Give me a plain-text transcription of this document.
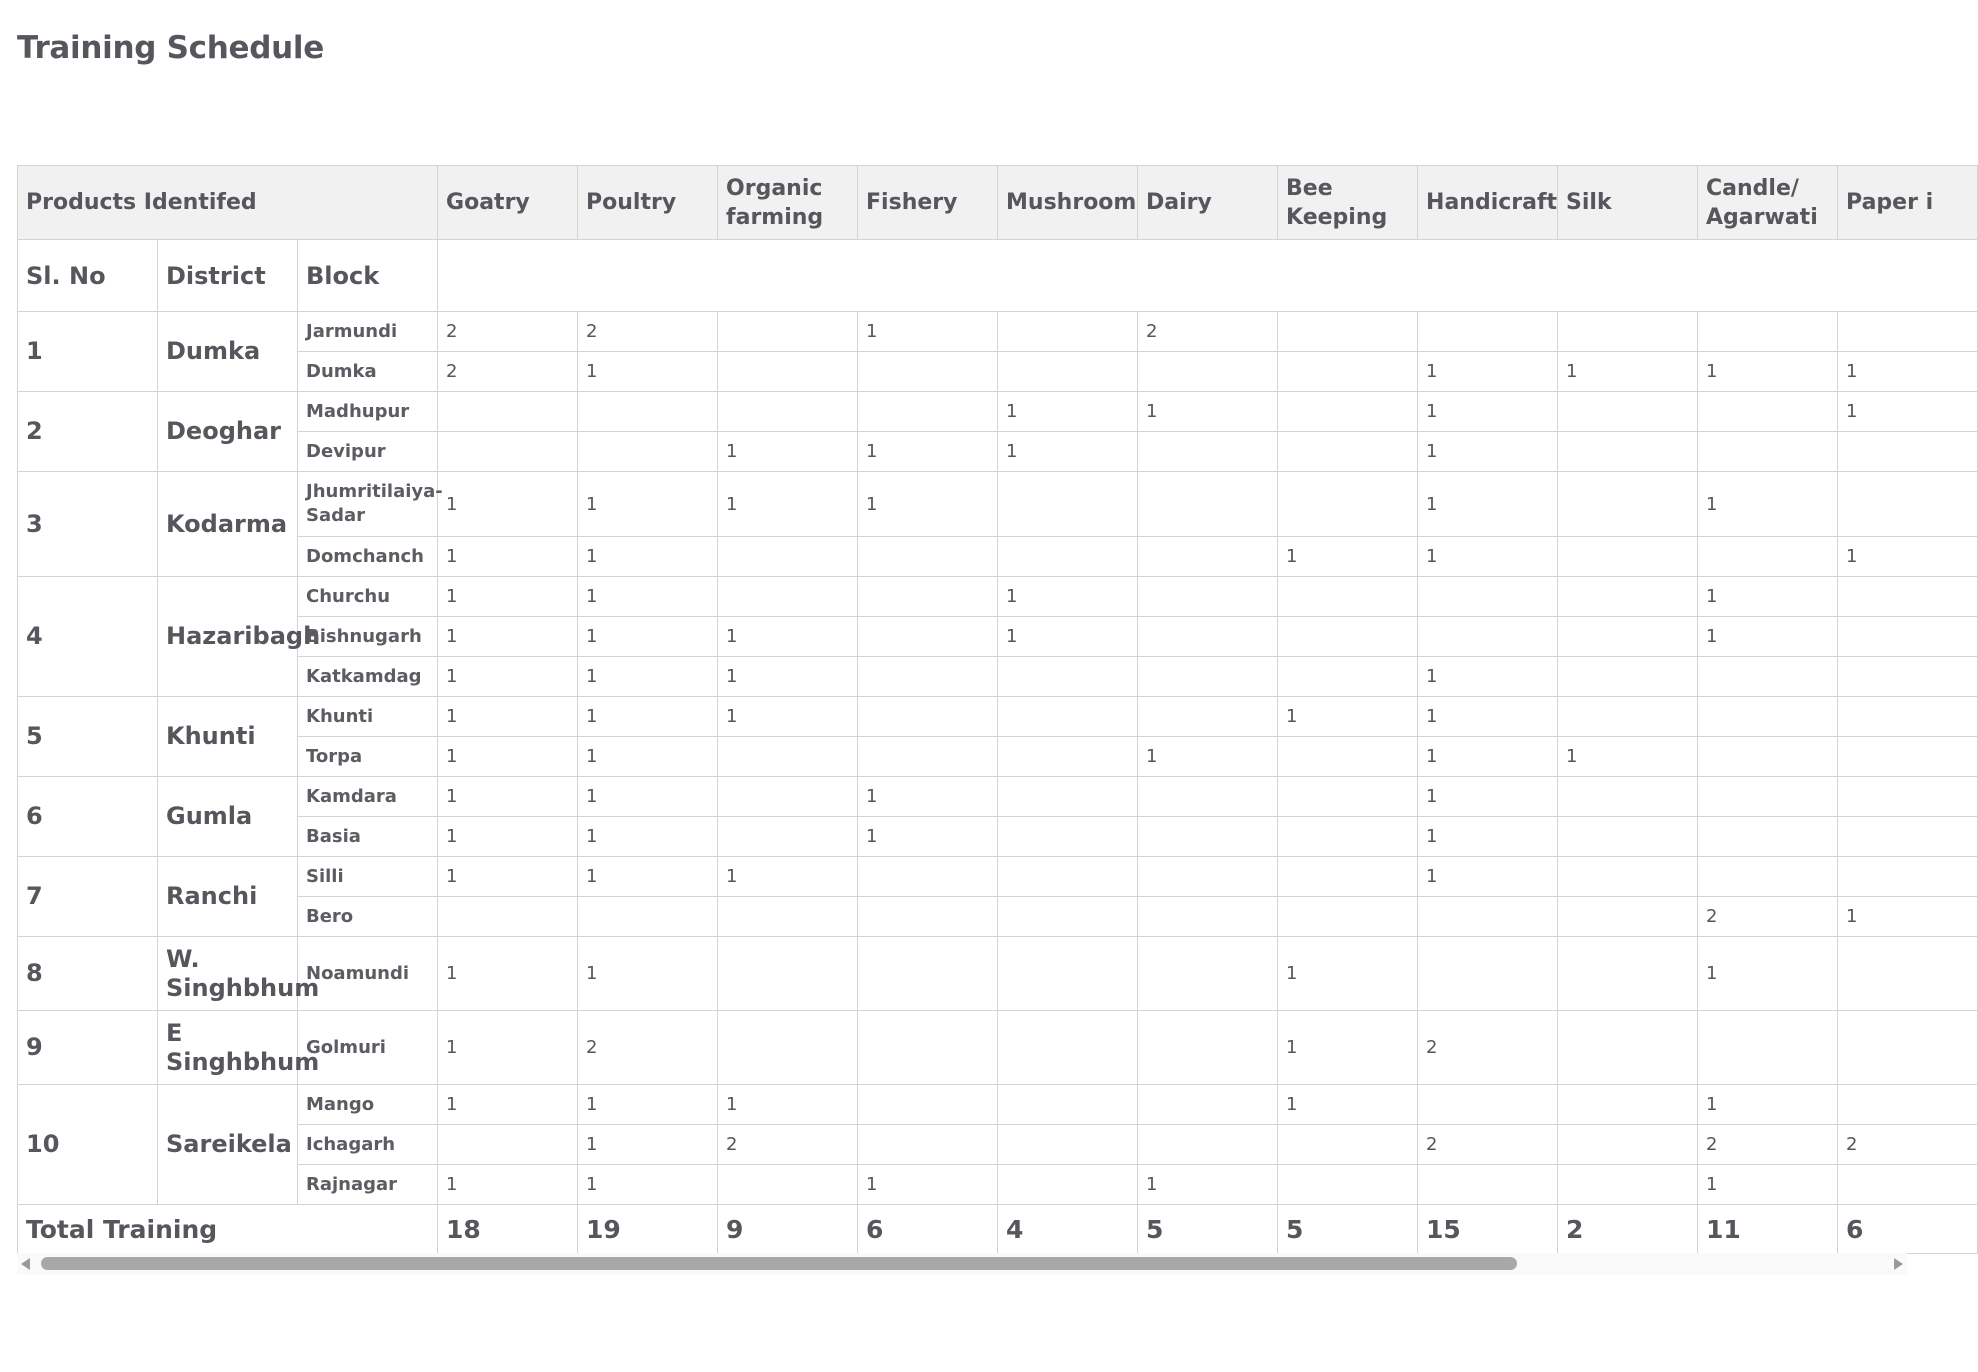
Training Schedule
Products Identifed			Goatry	Poultry	Organic farming	Fishery	Mushroom	Dairy	Bee Keeping	Handicraft	Silk	Candle/ Agarwati	Paper i
Sl. No	District	Block											
1	Dumka	Jarmundi	2	2		1		2					
		Dumka	2	1						1	1	1	1
2	Deoghar	Madhupur					1	1		1			1
		Devipur			1	1	1			1			
3	Kodarma	Jhumritilaiya-Sadar	1	1	1	1				1		1	
		Domchanch	1	1					1	1			1
4	Hazaribagh	Churchu	1	1			1					1	
		Bishnugarh	1	1	1		1					1	
		Katkamdag	1	1	1					1			
5	Khunti	Khunti	1	1	1				1	1			
		Torpa	1	1				1		1	1		
6	Gumla	Kamdara	1	1		1				1			
		Basia	1	1		1				1			
7	Ranchi	Silli	1	1	1					1			
		Bero										2	1
8	W. Singhbhum	Noamundi	1	1					1			1	
9	E Singhbhum	Golmuri	1	2					1	2			
10	Sareikela	Mango	1	1	1				1			1	
		Ichagarh		1	2					2		2	2
		Rajnagar	1	1		1		1				1	
Total Training			18	19	9	6	4	5	5	15	2	11	6
